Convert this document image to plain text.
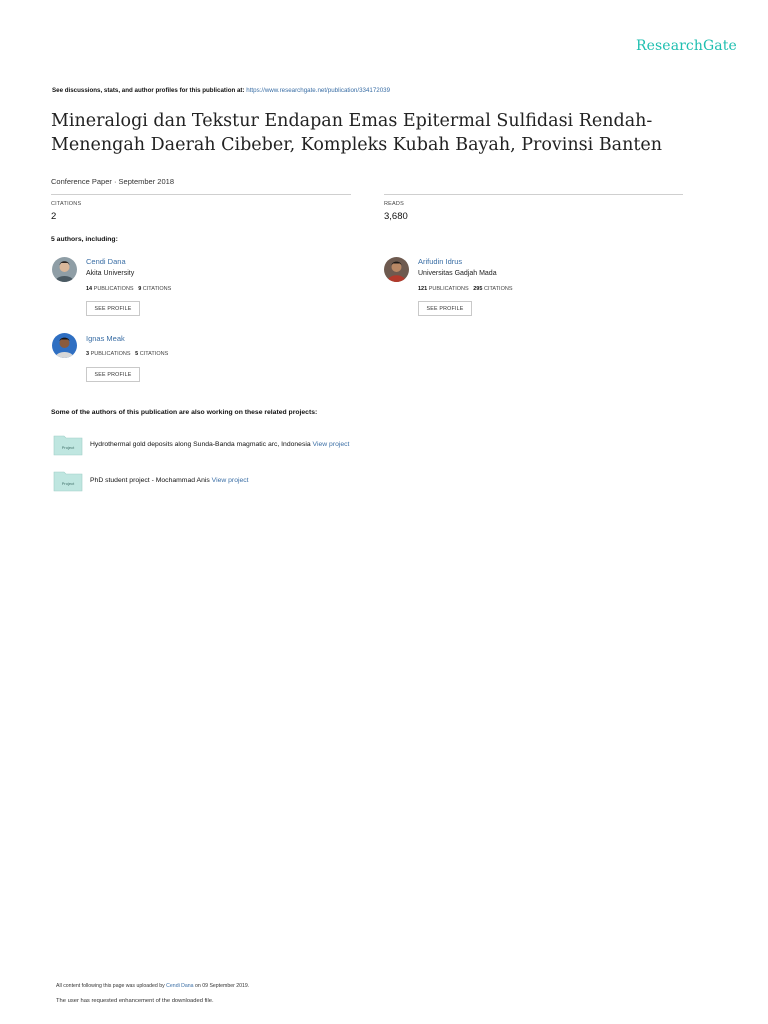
ResearchGate
See discussions, stats, and author profiles for this publication at: https://www.researchgate.net/publication/334172039
Mineralogi dan Tekstur Endapan Emas Epitermal Sulfidasi Rendah-Menengah Daerah Cibeber, Kompleks Kubah Bayah, Provinsi Banten
Conference Paper · September 2018
CITATIONS
2
READS
3,680
5 authors, including:
Cendi Dana
Akita University
14 PUBLICATIONS 9 CITATIONS
SEE PROFILE
Arifudin Idrus
Universitas Gadjah Mada
121 PUBLICATIONS 295 CITATIONS
SEE PROFILE
Ignas Meak
3 PUBLICATIONS 5 CITATIONS
SEE PROFILE
Some of the authors of this publication are also working on these related projects:
Project Hydrothermal gold deposits along Sunda-Banda magmatic arc, Indonesia View project
Project PhD student project - Mochammad Anis View project
All content following this page was uploaded by Cendi Dana on 09 September 2019.
The user has requested enhancement of the downloaded file.
